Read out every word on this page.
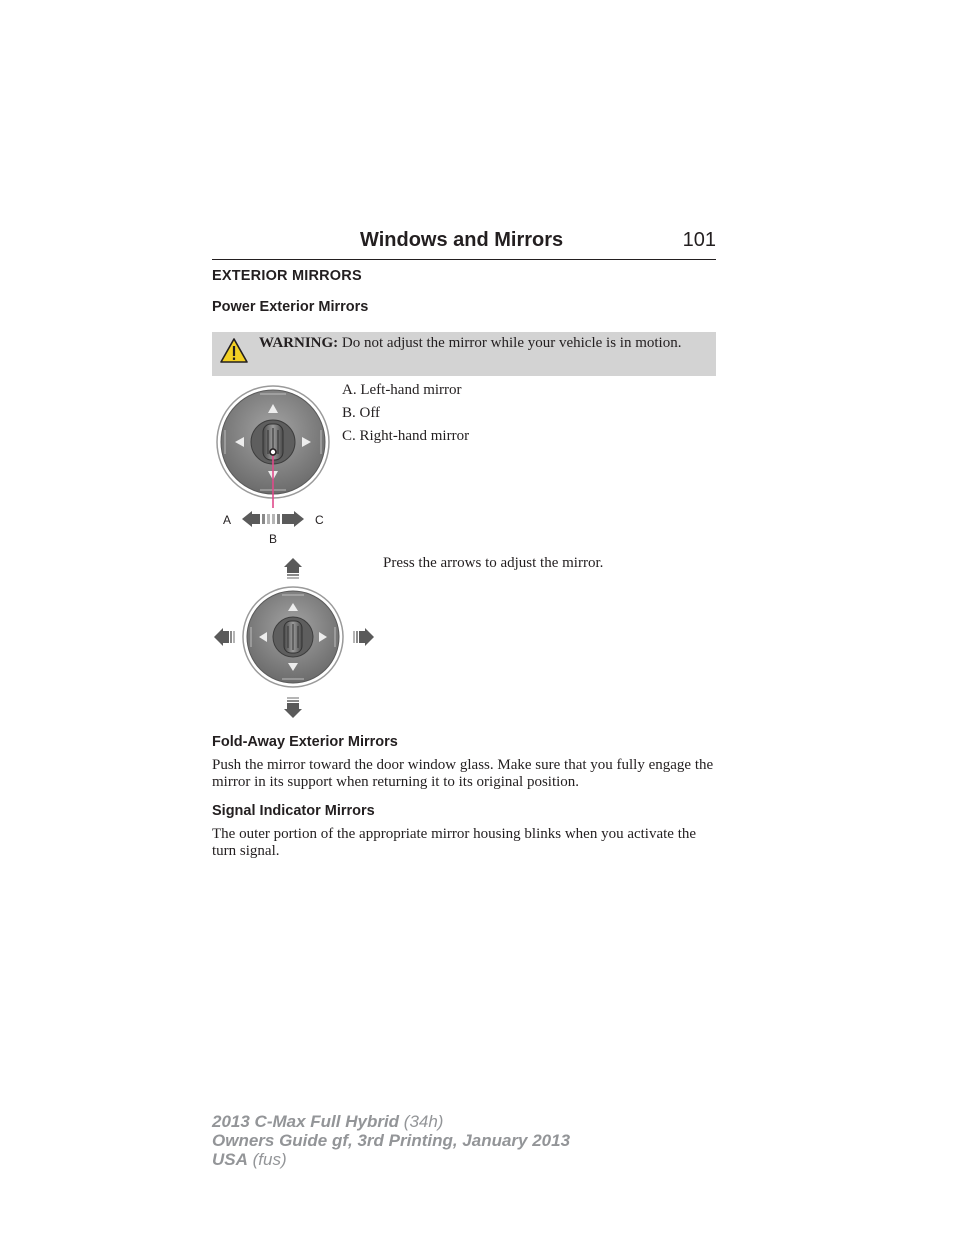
Windows and Mirrors	101
EXTERIOR MIRRORS
Power Exterior Mirrors
WARNING: Do not adjust the mirror while your vehicle is in motion.
A	C
B
A. Left-hand mirror
B. Off
C. Right-hand mirror
Press the arrows to adjust the mirror.
Fold-Away Exterior Mirrors
Push the mirror toward the door window glass. Make sure that you fully engage the mirror in its support when returning it to its original position.
Signal Indicator Mirrors
The outer portion of the appropriate mirror housing blinks when you activate the turn signal.
2013 C-Max Full Hybrid (34h)
Owners Guide gf, 3rd Printing, January 2013
USA (fus)
